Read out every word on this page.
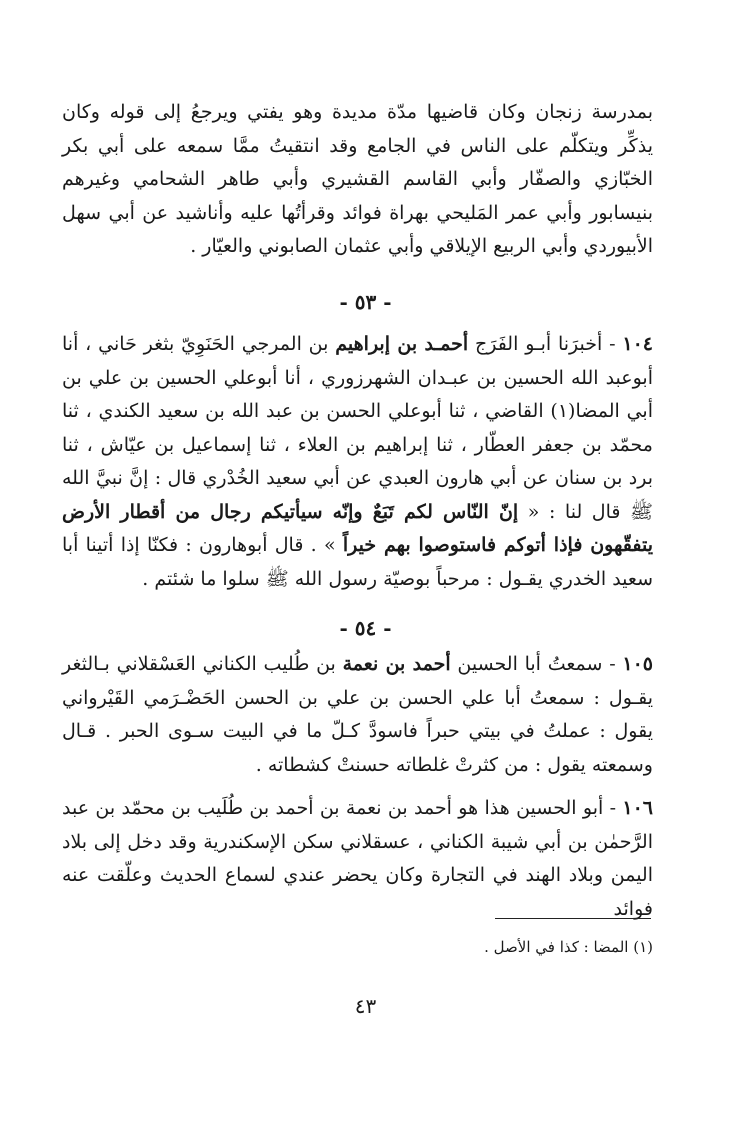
بمدرسة زنجان وكان قاضيها مدّة مديدة وهو يفتي ويرجعُ إلى قوله وكان يذكِّر ويتكلّم على الناس في الجامع وقد انتقيتُ ممَّا سمعه على أبي بكر الخبّازي والصفّار وأبي القاسم القشيري وأبي طاهر الشحامي وغيرهم بنيسابور وأبي عمر المَليحي بهراة فوائد وقرأتُها عليه وأناشيد عن أبي سهل الأبيوردي وأبي الربيع الإيلاقي وأبي عثمان الصابوني والعيّار .

- ٥٣ -

١٠٤ - أخبرَنا أبـو الفَرَج أحمـد بن إبراهيم بن المرجي الحَنَوِيّ بثغر حَاني ، أنا أبوعبد الله الحسين بن عبـدان الشهرزوري ، أنا أبوعلي الحسين بن علي بن أبي المضا(١) القاضي ، ثنا أبوعلي الحسن بن عبد الله بن سعيد الكندي ، ثنا محمّد بن جعفر العطّار ، ثنا إبراهيم بن العلاء ، ثنا إسماعيل بن عيّاش ، ثنا برد بن سنان عن أبي هارون العبدي عن أبي سعيد الخُدْري قال : إنَّ نبيَّ الله ﷺ قال لنا : « إنّ النّاس لكم تَبَعٌ وإنّه سيأتيكم رجال من أقطار الأرض يتفقّهون فإذا أتوكم فاستوصوا بهم خيراً » . قال أبوهارون : فكنّا إذا أتينا أبا سعيد الخدري يقـول : مرحباً بوصيّة رسول الله ﷺ سلوا ما شئتم .

- ٥٤ -

١٠٥ - سمعتُ أبا الحسين أحمد بن نعمة بن طُليب الكناني العَسْقلاني بـالثغر يقـول : سمعتُ أبا علي الحسن بن علي بن الحسن الحَضْـرَمي القَيْرواني يقول : عملتُ في بيتي حبراً فاسودَّ كـلّ ما في البيت سـوى الحبر . قـال وسمعته يقول : من كثرتْ غلطاته حسنتْ كشطاته .

١٠٦ - أبو الحسين هذا هو أحمد بن نعمة بن أحمد بن طُلَيب بن محمّد بن عبد الرَّحمٰن بن أبي شيبة الكناني ، عسقلاني سكن الإسكندرية وقد دخل إلى بلاد اليمن وبلاد الهند في التجارة وكان يحضر عندي لسماع الحديث وعلّقت عنه فوائد

(١) المضا : كذا في الأصل .
٤٣
